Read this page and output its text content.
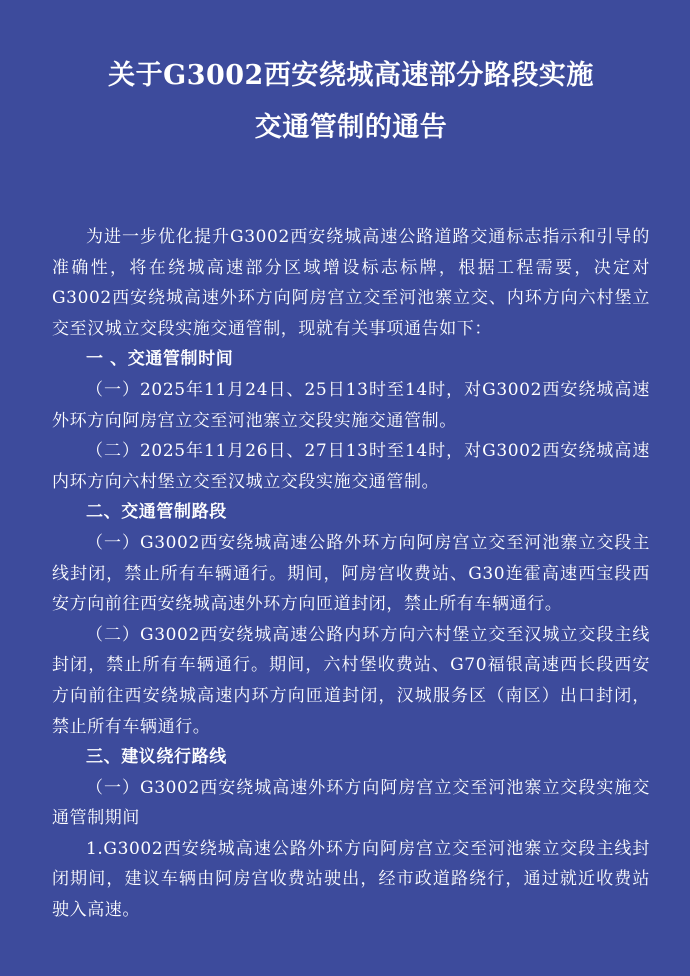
关于G3002西安绕城高速部分路段实施
交通管制的通告

为进一步优化提升G3002西安绕城高速公路道路交通标志指示和引导的准确性，将在绕城高速部分区域增设标志标牌，根据工程需要，决定对G3002西安绕城高速外环方向阿房宫立交至河池寨立交、内环方向六村堡立交至汉城立交段实施交通管制，现就有关事项通告如下：

一 、交通管制时间

（一）2025年11月24日、25日13时至14时，对G3002西安绕城高速外环方向阿房宫立交至河池寨立交段实施交通管制。

（二）2025年11月26日、27日13时至14时，对G3002西安绕城高速内环方向六村堡立交至汉城立交段实施交通管制。

二、交通管制路段

（一）G3002西安绕城高速公路外环方向阿房宫立交至河池寨立交段主线封闭，禁止所有车辆通行。期间，阿房宫收费站、G30连霍高速西宝段西安方向前往西安绕城高速外环方向匝道封闭，禁止所有车辆通行。

（二）G3002西安绕城高速公路内环方向六村堡立交至汉城立交段主线封闭，禁止所有车辆通行。期间，六村堡收费站、G70福银高速西长段西安方向前往西安绕城高速内环方向匝道封闭，汉城服务区（南区）出口封闭，禁止所有车辆通行。

三、建议绕行路线

（一）G3002西安绕城高速外环方向阿房宫立交至河池寨立交段实施交通管制期间

1.G3002西安绕城高速公路外环方向阿房宫立交至河池寨立交段主线封闭期间，建议车辆由阿房宫收费站驶出，经市政道路绕行，通过就近收费站驶入高速。
